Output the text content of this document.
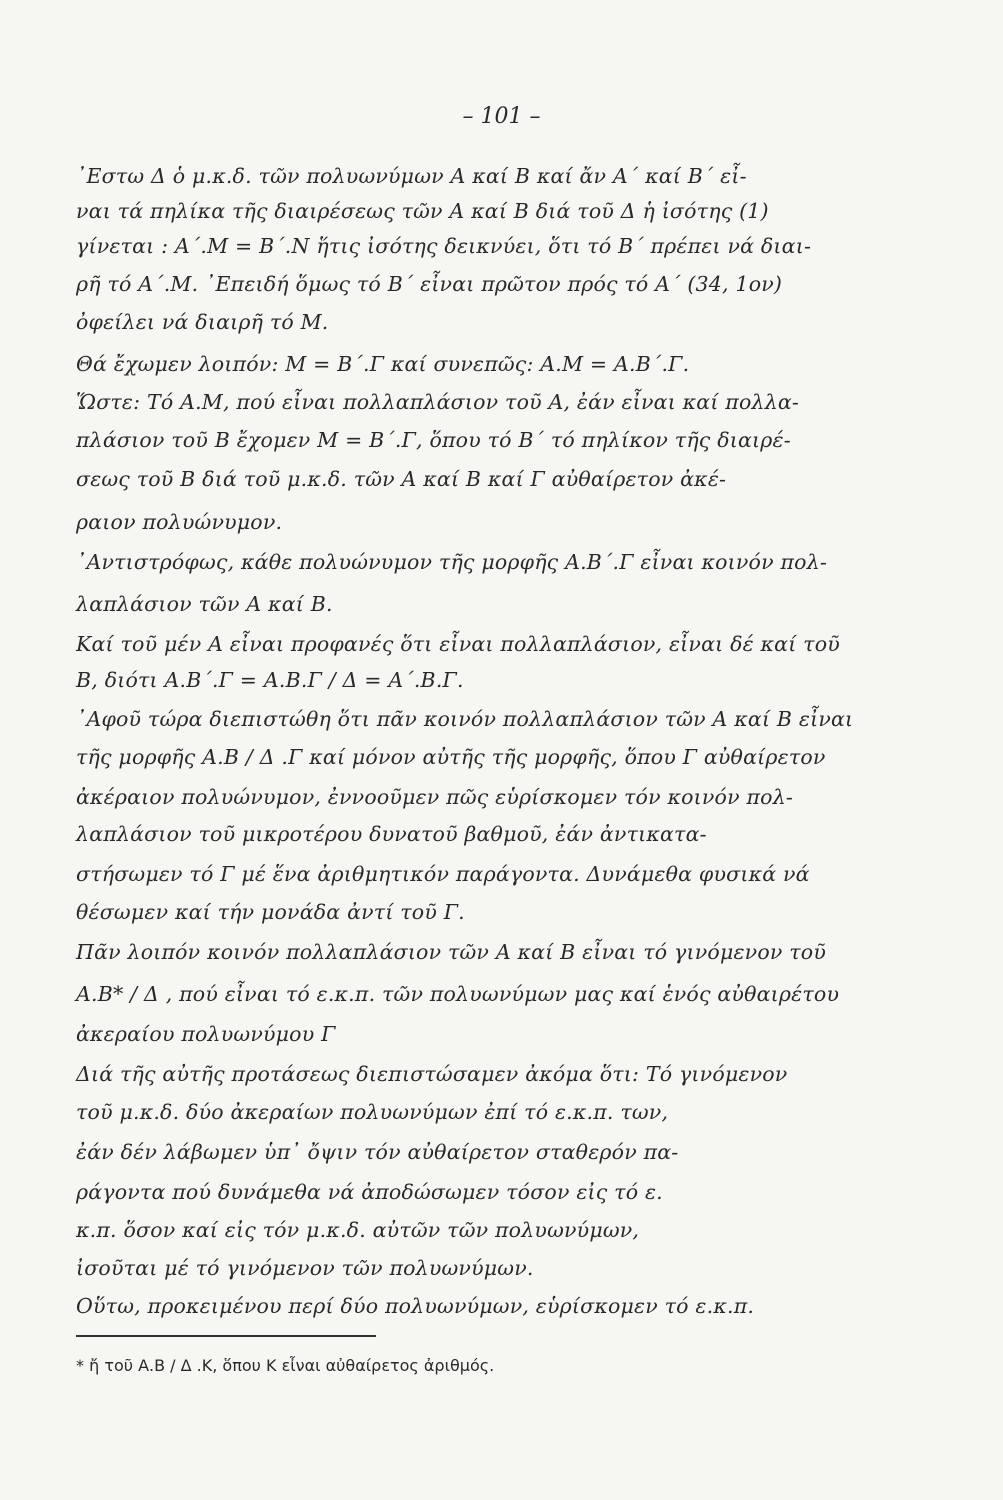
– 101 –
᾿Εστω Δ ὁ μ.κ.δ. τῶν πολυωνύμων Α καί Β καί ἄν Α΄ καί Β΄ εἶ-
ναι τά πηλίκα τῆς διαιρέσεως τῶν Α καί Β διά τοῦ Δ ἡ ἰσότης (1)
γίνεται : Α΄.Μ = Β΄.Ν ἥτις ἰσότης δεικνύει, ὅτι τό Β΄ πρέπει νά διαι-
ρῆ τό Α΄.Μ. ᾿Επειδή ὅμως τό Β΄ εἶναι πρῶτον πρός τό Α΄ (34, 1ον)
ὀφείλει νά διαιρῆ τό Μ.
Θά ἔχωμεν λοιπόν: Μ = Β΄.Γ καί συνεπῶς: Α.Μ = Α.Β΄.Γ.
Ὥστε: Τό Α.Μ, πού εἶναι πολλαπλάσιον τοῦ Α, ἐάν εἶναι καί πολλα-
πλάσιον τοῦ Β ἔχομεν Μ = Β΄.Γ, ὅπου τό Β΄ τό πηλίκον τῆς διαιρέ-
σεως τοῦ Β διά τοῦ μ.κ.δ. τῶν Α καί Β καί Γ αὐθαίρετον ἀκέ-
ραιον πολυώνυμον.
᾿Αντιστρόφως, κάθε πολυώνυμον τῆς μορφῆς Α.Β΄.Γ εἶναι κοινόν πολ-
λαπλάσιον τῶν Α καί Β.
Καί τοῦ μέν Α εἶναι προφανές ὅτι εἶναι πολλαπλάσιον, εἶναι δέ καί τοῦ
Β, διότι Α.Β΄.Γ = Α.Β.Γ / Δ = Α΄.Β.Γ.
᾿Αφοῦ τώρα διεπιστώθη ὅτι πᾶν κοινόν πολλαπλάσιον τῶν Α καί Β εἶναι
τῆς μορφῆς Α.Β / Δ .Γ καί μόνον αὐτῆς τῆς μορφῆς, ὅπου Γ αὐθαίρετον
ἀκέραιον πολυώνυμον, ἐννοοῦμεν πῶς εὑρίσκομεν τόν κοινόν πολ-
λαπλάσιον τοῦ μικροτέρου δυνατοῦ βαθμοῦ, ἐάν ἀντικατα-
στήσωμεν τό Γ μέ ἕνα ἀριθμητικόν παράγοντα. Δυνάμεθα φυσικά νά
θέσωμεν καί τήν μονάδα ἀντί τοῦ Γ.
Πᾶν λοιπόν κοινόν πολλαπλάσιον τῶν Α καί Β εἶναι τό γινόμενον τοῦ
Α.Β* / Δ , πού εἶναι τό ε.κ.π. τῶν πολυωνύμων μας καί ἑνός αὐθαιρέτου
ἀκεραίου πολυωνύμου Γ
Διά τῆς αὐτῆς προτάσεως διεπιστώσαμεν ἀκόμα ὅτι: Τό γινόμενον
τοῦ μ.κ.δ. δύο ἀκεραίων πολυωνύμων ἐπί τό ε.κ.π. των,
ἐάν δέν λάβωμεν ὑπ᾿ ὄψιν τόν αὐθαίρετον σταθερόν πα-
ράγοντα πού δυνάμεθα νά ἀποδώσωμεν τόσον εἰς τό ε.
κ.π. ὅσον καί εἰς τόν μ.κ.δ. αὐτῶν τῶν πολυωνύμων,
ἰσοῦται μέ τό γινόμενον τῶν πολυωνύμων.
Οὕτω, προκειμένου περί δύο πολυωνύμων, εὑρίσκομεν τό ε.κ.π.
* ἤ τοῦ Α.Β / Δ .Κ, ὅπου Κ εἶναι αὐθαίρετος ἀριθμός.
